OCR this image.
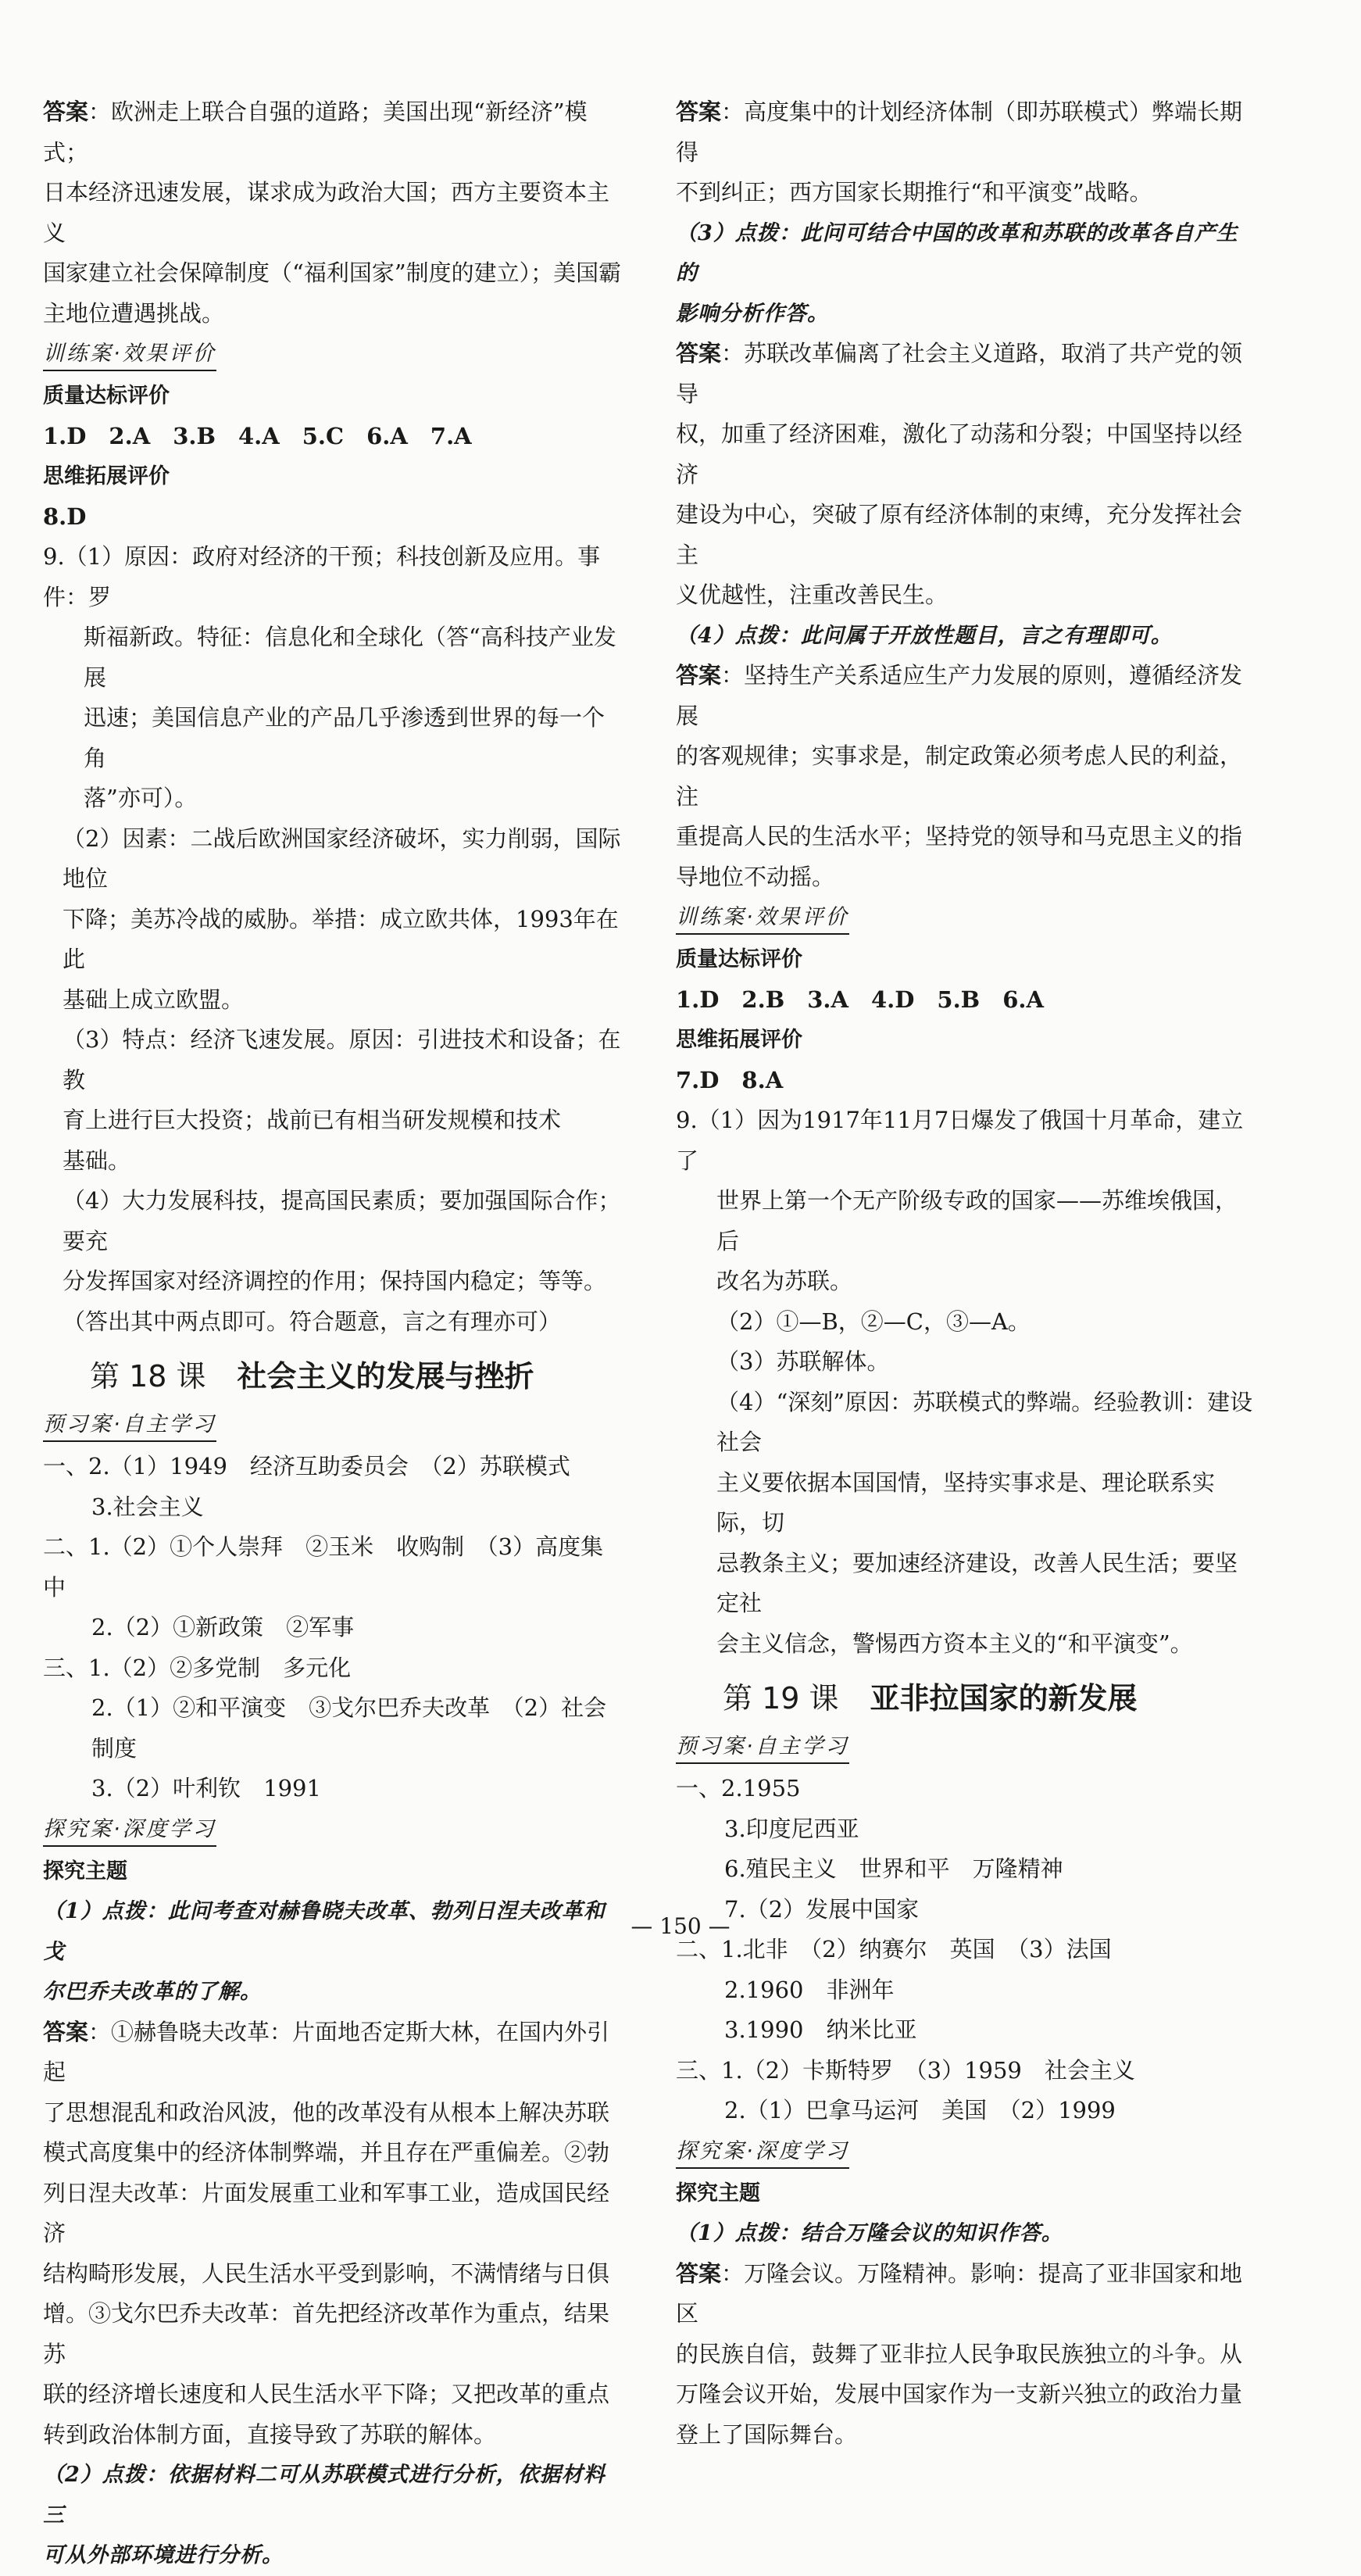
答案：欧洲走上联合自强的道路；美国出现“新经济”模式；

日本经济迅速发展，谋求成为政治大国；西方主要资本主义

国家建立社会保障制度（“福利国家”制度的建立）；美国霸

主地位遭遇挑战。

训练案·效果评价

质量达标评价

1.D　2.A　3.B　4.A　5.C　6.A　7.A

思维拓展评价

8.D

9.（1）原因：政府对经济的干预；科技创新及应用。事件：罗

斯福新政。特征：信息化和全球化（答“高科技产业发展

迅速；美国信息产业的产品几乎渗透到世界的每一个角

落”亦可）。

（2）因素：二战后欧洲国家经济破坏，实力削弱，国际地位

下降；美苏冷战的威胁。举措：成立欧共体，1993年在此

基础上成立欧盟。

（3）特点：经济飞速发展。原因：引进技术和设备；在教

育上进行巨大投资；战前已有相当研发规模和技术

基础。

（4）大力发展科技，提高国民素质；要加强国际合作；要充

分发挥国家对经济调控的作用；保持国内稳定；等等。

（答出其中两点即可。符合题意，言之有理亦可）

第 18 课 社会主义的发展与挫折
预习案·自主学习

一、2.（1）1949　经济互助委员会　（2）苏联模式

3.社会主义

二、1.（2）①个人崇拜　②玉米　收购制　（3）高度集中

2.（2）①新政策　②军事

三、1.（2）②多党制　多元化

2.（1）②和平演变　③戈尔巴乔夫改革　（2）社会制度

3.（2）叶利钦　1991

探究案·深度学习

探究主题

（1）点拨：此问考查对赫鲁晓夫改革、勃列日涅夫改革和戈

尔巴乔夫改革的了解。

答案：①赫鲁晓夫改革：片面地否定斯大林，在国内外引起

了思想混乱和政治风波，他的改革没有从根本上解决苏联

模式高度集中的经济体制弊端，并且存在严重偏差。②勃

列日涅夫改革：片面发展重工业和军事工业，造成国民经济

结构畸形发展，人民生活水平受到影响，不满情绪与日俱

增。③戈尔巴乔夫改革：首先把经济改革作为重点，结果苏

联的经济增长速度和人民生活水平下降；又把改革的重点

转到政治体制方面，直接导致了苏联的解体。

（2）点拨：依据材料二可从苏联模式进行分析，依据材料三

可从外部环境进行分析。

答案：高度集中的计划经济体制（即苏联模式）弊端长期得

不到纠正；西方国家长期推行“和平演变”战略。

（3）点拨：此问可结合中国的改革和苏联的改革各自产生的

影响分析作答。

答案：苏联改革偏离了社会主义道路，取消了共产党的领导

权，加重了经济困难，激化了动荡和分裂；中国坚持以经济

建设为中心，突破了原有经济体制的束缚，充分发挥社会主

义优越性，注重改善民生。

（4）点拨：此问属于开放性题目，言之有理即可。

答案：坚持生产关系适应生产力发展的原则，遵循经济发展

的客观规律；实事求是，制定政策必须考虑人民的利益，注

重提高人民的生活水平；坚持党的领导和马克思主义的指

导地位不动摇。

训练案·效果评价

质量达标评价

1.D　2.B　3.A　4.D　5.B　6.A

思维拓展评价

7.D　8.A

9.（1）因为1917年11月7日爆发了俄国十月革命，建立了

世界上第一个无产阶级专政的国家——苏维埃俄国，后

改名为苏联。

（2）①—B，②—C，③—A。

（3）苏联解体。

（4）“深刻”原因：苏联模式的弊端。经验教训：建设社会

主义要依据本国国情，坚持实事求是、理论联系实际，切

忌教条主义；要加速经济建设，改善人民生活；要坚定社

会主义信念，警惕西方资本主义的“和平演变”。

第 19 课 亚非拉国家的新发展
预习案·自主学习

一、2.1955

3.印度尼西亚

6.殖民主义　世界和平　万隆精神

7.（2）发展中国家

二、1.北非　（2）纳赛尔　英国　（3）法国

2.1960　非洲年

3.1990　纳米比亚

三、1.（2）卡斯特罗　（3）1959　社会主义

2.（1）巴拿马运河　美国　（2）1999

探究案·深度学习

探究主题

（1）点拨：结合万隆会议的知识作答。

答案：万隆会议。万隆精神。影响：提高了亚非国家和地区

的民族自信，鼓舞了亚非拉人民争取民族独立的斗争。从

万隆会议开始，发展中国家作为一支新兴独立的政治力量

登上了国际舞台。

— 150 —
